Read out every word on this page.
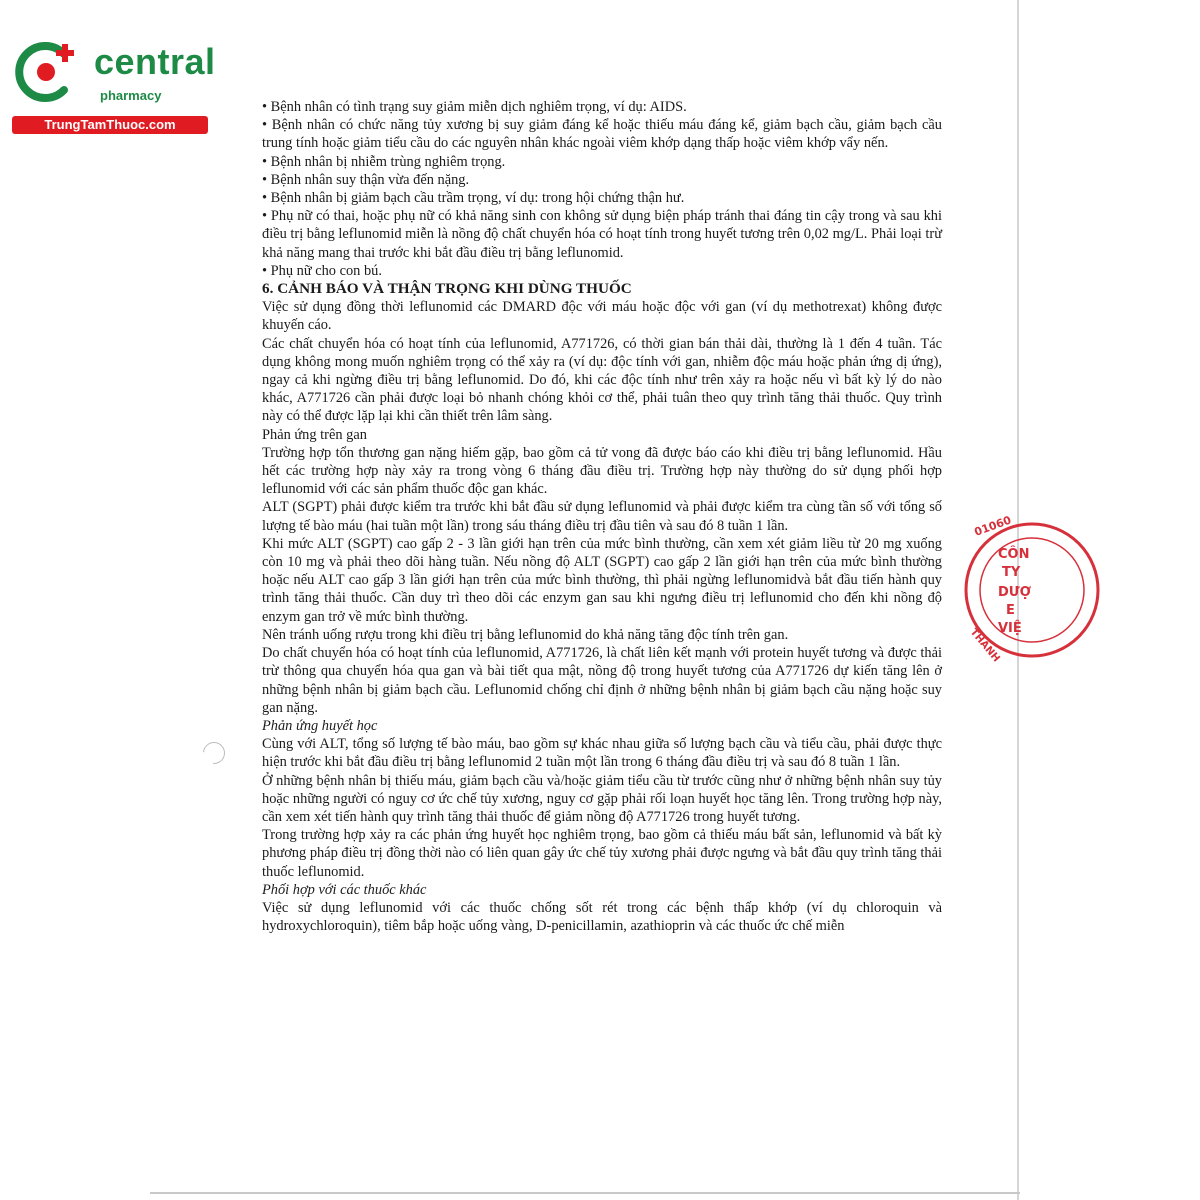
central
pharmacy
TrungTamThuoc.com
01060
CÔN
TY
DƯỢ
E
VIỆ
THÀNH

• Bệnh nhân có tình trạng suy giảm miễn dịch nghiêm trọng, ví dụ: AIDS.

• Bệnh nhân có chức năng tủy xương bị suy giảm đáng kể hoặc thiếu máu đáng kể, giảm bạch cầu, giảm bạch cầu trung tính hoặc giảm tiểu cầu do các nguyên nhân khác ngoài viêm khớp dạng thấp hoặc viêm khớp vẩy nến.

• Bệnh nhân bị nhiễm trùng nghiêm trọng.

• Bệnh nhân suy thận vừa đến nặng.

• Bệnh nhân bị giảm bạch cầu trầm trọng, ví dụ: trong hội chứng thận hư.

• Phụ nữ có thai, hoặc phụ nữ có khả năng sinh con không sử dụng biện pháp tránh thai đáng tin cậy trong và sau khi điều trị bằng leflunomid miễn là nồng độ chất chuyển hóa có hoạt tính trong huyết tương trên 0,02 mg/L. Phải loại trừ khả năng mang thai trước khi bắt đầu điều trị bằng leflunomid.

• Phụ nữ cho con bú.

6. CẢNH BÁO VÀ THẬN TRỌNG KHI DÙNG THUỐC

Việc sử dụng đồng thời leflunomid các DMARD độc với máu hoặc độc với gan (ví dụ methotrexat) không được khuyến cáo.

Các chất chuyển hóa có hoạt tính của leflunomid, A771726, có thời gian bán thải dài, thường là 1 đến 4 tuần. Tác dụng không mong muốn nghiêm trọng có thể xảy ra (ví dụ: độc tính với gan, nhiễm độc máu hoặc phản ứng dị ứng), ngay cả khi ngừng điều trị bằng leflunomid. Do đó, khi các độc tính như trên xảy ra hoặc nếu vì bất kỳ lý do nào khác, A771726 cần phải được loại bỏ nhanh chóng khỏi cơ thể, phải tuân theo quy trình tăng thải thuốc. Quy trình này có thể được lặp lại khi cần thiết trên lâm sàng.

Phản ứng trên gan

Trường hợp tổn thương gan nặng hiếm gặp, bao gồm cả tử vong đã được báo cáo khi điều trị bằng leflunomid. Hầu hết các trường hợp này xảy ra trong vòng 6 tháng đầu điều trị. Trường hợp này thường do sử dụng phối hợp leflunomid với các sản phẩm thuốc độc gan khác.

ALT (SGPT) phải được kiểm tra trước khi bắt đầu sử dụng leflunomid và phải được kiểm tra cùng tần số với tổng số lượng tế bào máu (hai tuần một lần) trong sáu tháng điều trị đầu tiên và sau đó 8 tuần 1 lần.

Khi mức ALT (SGPT) cao gấp 2 - 3 lần giới hạn trên của mức bình thường, cần xem xét giảm liều từ 20 mg xuống còn 10 mg và phải theo dõi hàng tuần. Nếu nồng độ ALT (SGPT) cao gấp 2 lần giới hạn trên của mức bình thường hoặc nếu ALT cao gấp 3 lần giới hạn trên của mức bình thường, thì phải ngừng leflunomidvà bắt đầu tiến hành quy trình tăng thải thuốc. Cần duy trì theo dõi các enzym gan sau khi ngưng điều trị leflunomid cho đến khi nồng độ enzym gan trở về mức bình thường.

Nên tránh uống rượu trong khi điều trị bằng leflunomid do khả năng tăng độc tính trên gan.

Do chất chuyển hóa có hoạt tính của leflunomid, A771726, là chất liên kết mạnh với protein huyết tương và được thải trừ thông qua chuyển hóa qua gan và bài tiết qua mật, nồng độ trong huyết tương của A771726 dự kiến tăng lên ở những bệnh nhân bị giảm bạch cầu. Leflunomid chống chỉ định ở những bệnh nhân bị giảm bạch cầu nặng hoặc suy gan nặng.

Phản ứng huyết học

Cùng với ALT, tổng số lượng tế bào máu, bao gồm sự khác nhau giữa số lượng bạch cầu và tiểu cầu, phải được thực hiện trước khi bắt đầu điều trị bằng leflunomid 2 tuần một lần trong 6 tháng đầu điều trị và sau đó 8 tuần 1 lần.

Ở những bệnh nhân bị thiếu máu, giảm bạch cầu và/hoặc giảm tiểu cầu từ trước cũng như ở những bệnh nhân suy tủy hoặc những người có nguy cơ ức chế tủy xương, nguy cơ gặp phải rối loạn huyết học tăng lên. Trong trường hợp này, cần xem xét tiến hành quy trình tăng thải thuốc để giảm nồng độ A771726 trong huyết tương.

Trong trường hợp xảy ra các phản ứng huyết học nghiêm trọng, bao gồm cả thiếu máu bất sản, leflunomid và bất kỳ phương pháp điều trị đồng thời nào có liên quan gây ức chế tủy xương phải được ngưng và bắt đầu quy trình tăng thải thuốc leflunomid.

Phối hợp với các thuốc khác

Việc sử dụng leflunomid với các thuốc chống sốt rét trong các bệnh thấp khớp (ví dụ chloroquin và hydroxychloroquin), tiêm bắp hoặc uống vàng, D-penicillamin, azathioprin và các thuốc ức chế miễn
